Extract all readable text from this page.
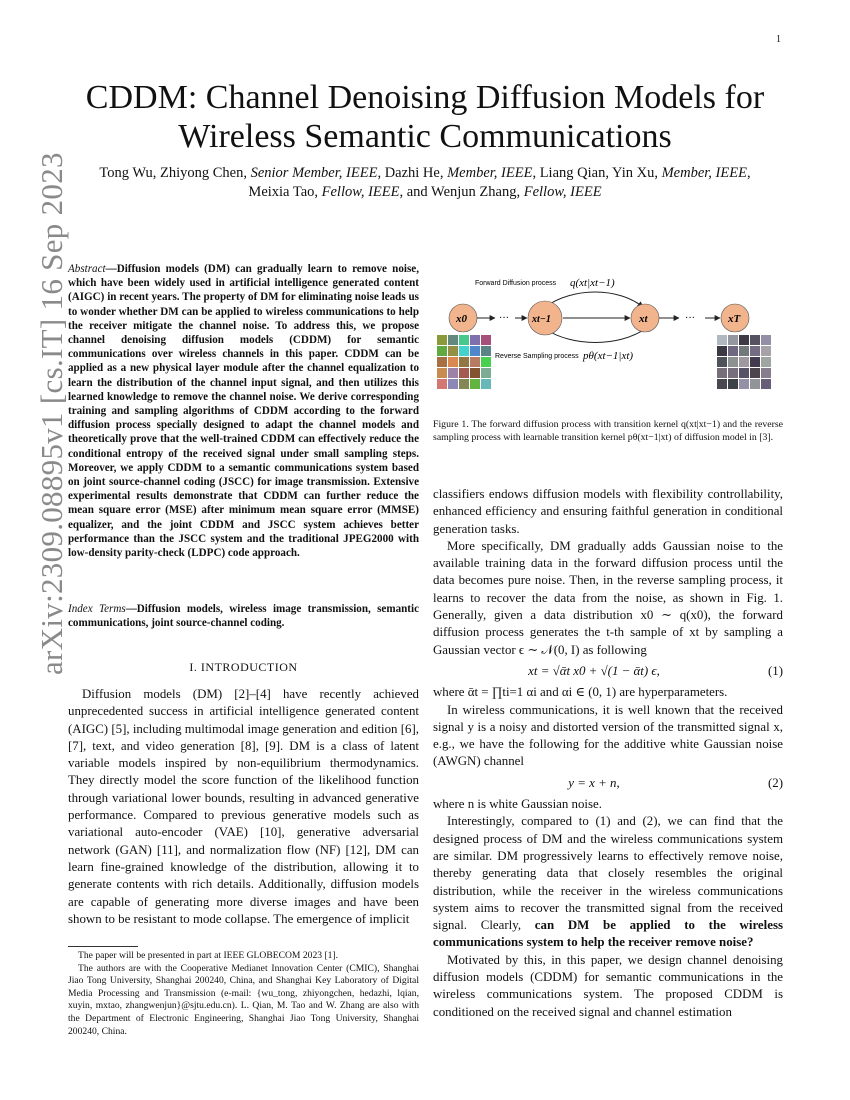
1
arXiv:2309.08895v1 [cs.IT] 16 Sep 2023
CDDM: Channel Denoising Diffusion Models for
Wireless Semantic Communications
Tong Wu, Zhiyong Chen, Senior Member, IEEE, Dazhi He, Member, IEEE, Liang Qian, Yin Xu, Member, IEEE,
Meixia Tao, Fellow, IEEE, and Wenjun Zhang, Fellow, IEEE
Abstract—Diffusion models (DM) can gradually learn to remove noise, which have been widely used in artificial intelligence generated content (AIGC) in recent years. The property of DM for eliminating noise leads us to wonder whether DM can be applied to wireless communications to help the receiver mitigate the channel noise. To address this, we propose channel denoising diffusion models (CDDM) for semantic communications over wireless channels in this paper. CDDM can be applied as a new physical layer module after the channel equalization to learn the distribution of the channel input signal, and then utilizes this learned knowledge to remove the channel noise. We derive corresponding training and sampling algorithms of CDDM according to the forward diffusion process specially designed to adapt the channel models and theoretically prove that the well-trained CDDM can effectively reduce the conditional entropy of the received signal under small sampling steps. Moreover, we apply CDDM to a semantic communications system based on joint source-channel coding (JSCC) for image transmission. Extensive experimental results demonstrate that CDDM can further reduce the mean square error (MSE) after minimum mean square error (MMSE) equalizer, and the joint CDDM and JSCC system achieves better performance than the JSCC system and the traditional JPEG2000 with low-density parity-check (LDPC) code approach.
Index Terms—Diffusion models, wireless image transmission, semantic communications, joint source-channel coding.
Diffusion models (DM) [2]–[4] have recently achieved unprecedented success in artificial intelligence generated content (AIGC) [5], including multimodal image generation and edition [6], [7], text, and video generation [8], [9]. DM is a class of latent variable models inspired by non-equilibrium thermodynamics. They directly model the score function of the likelihood function through variational lower bounds, resulting in advanced generative performance. Compared to previous generative models such as variational auto-encoder (VAE) [10], generative adversarial network (GAN) [11], and normalization flow (NF) [12], DM can learn fine-grained knowledge of the distribution, allowing it to generate contents with rich details. Additionally, diffusion models are capable of generating more diverse images and have been shown to be resistant to mode collapse. The emergence of implicit
I. INTRODUCTION

The paper will be presented in part at IEEE GLOBECOM 2023 [1].

The authors are with the Cooperative Medianet Innovation Center (CMIC), Shanghai Jiao Tong University, Shanghai 200240, China, and Shanghai Key Laboratory of Digital Media Processing and Transmission (e-mail: {wu_tong, zhiyongchen, hedazhi, lqian, xuyin, mxtao, zhangwenjun}@sjtu.edu.cn). L. Qian, M. Tao and W. Zhang are also with the Department of Electronic Engineering, Shanghai Jiao Tong University, Shanghai 200240, China.

Forward Diffusion process q(xt|xt−1)
Reverse Sampling process pθ(xt−1|xt)
x0	xt−1	xt	xT
···	···
Figure 1. The forward diffusion process with transition kernel q(xt|xt−1) and the reverse sampling process with learnable transition kernel pθ(xt−1|xt) of diffusion model in [3].

classifiers endows diffusion models with flexibility controllability, enhanced efficiency and ensuring faithful generation in conditional generation tasks.

More specifically, DM gradually adds Gaussian noise to the available training data in the forward diffusion process until the data becomes pure noise. Then, in the reverse sampling process, it learns to recover the data from the noise, as shown in Fig. 1. Generally, given a data distribution x0 ∼ q(x0), the forward diffusion process generates the t-th sample of xt by sampling a Gaussian vector ϵ ∼ 𝒩(0, I) as following

xt = √ᾱt x0 + √(1 − ᾱt) ϵ,	(1)

where ᾱt = ∏ti=1 αi and αi ∈ (0, 1) are hyperparameters.

In wireless communications, it is well known that the received signal y is a noisy and distorted version of the transmitted signal x, e.g., we have the following for the additive white Gaussian noise (AWGN) channel

y = x + n,	(2)

where n is white Gaussian noise.

Interestingly, compared to (1) and (2), we can find that the designed process of DM and the wireless communications system are similar. DM progressively learns to effectively remove noise, thereby generating data that closely resembles the original distribution, while the receiver in the wireless communications system aims to recover the transmitted signal from the received signal. Clearly, can DM be applied to the wireless communications system to help the receiver remove noise?

Motivated by this, in this paper, we design channel denoising diffusion models (CDDM) for semantic communications in the wireless communications system. The proposed CDDM is conditioned on the received signal and channel estimation
